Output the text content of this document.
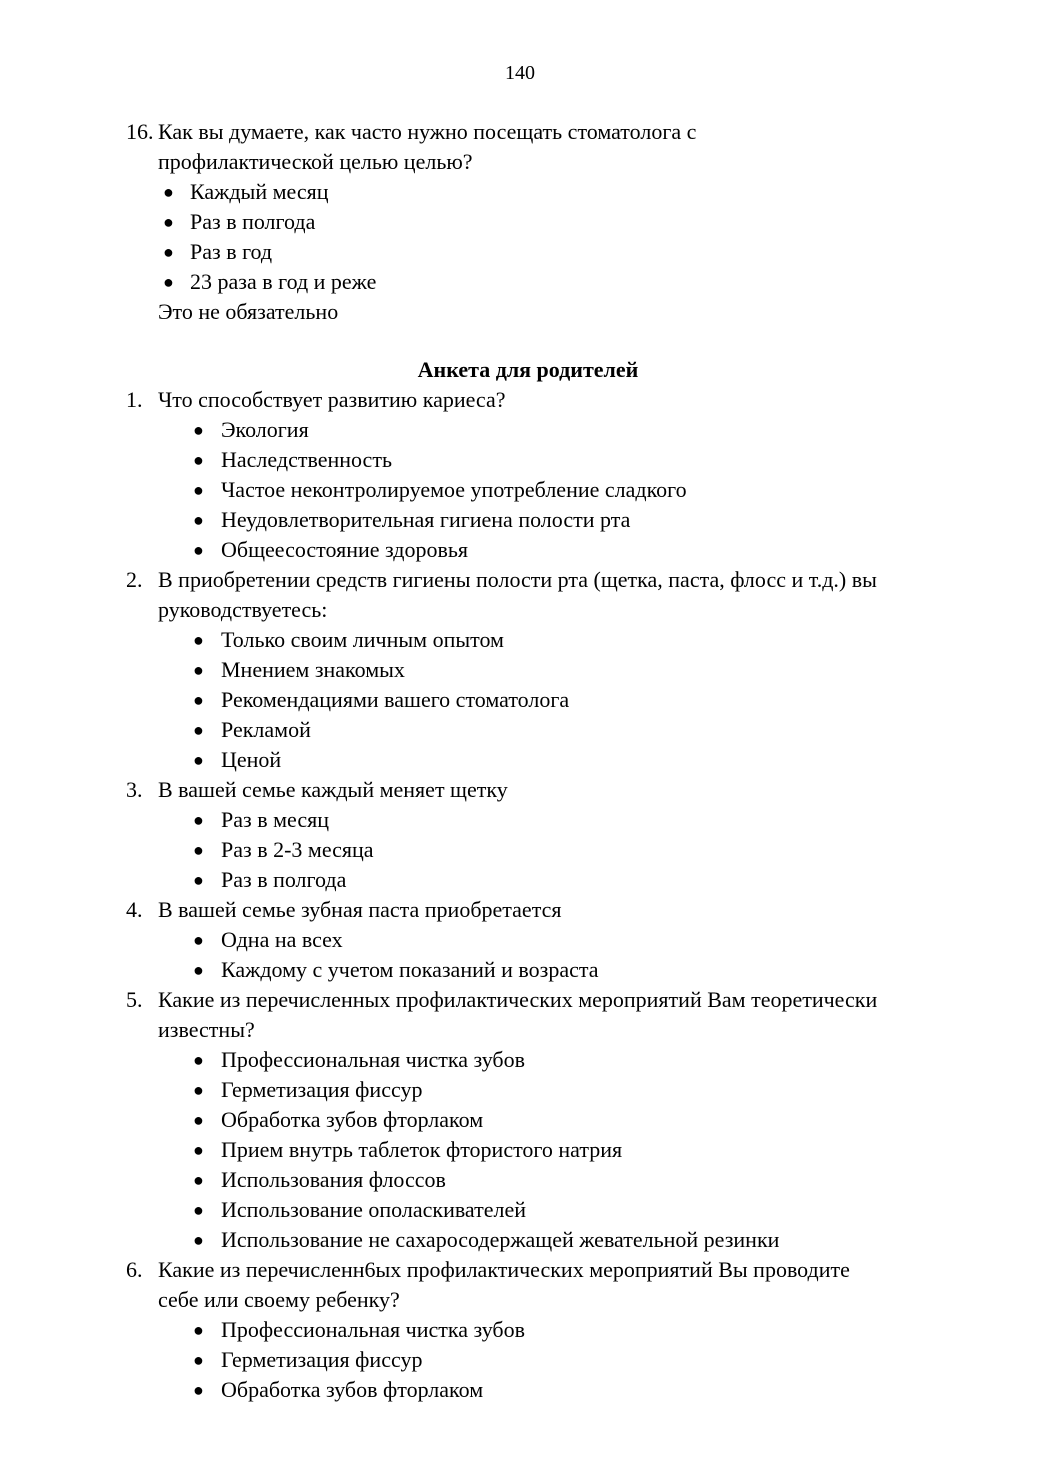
140
16. Как вы думаете, как часто нужно посещать стоматолога с
профилактической целью целью?
● Каждый месяц
● Раз в полгода
● Раз в год
● 23 раза в год и реже
Это не обязательно
Анкета для родителей
1. Что способствует развитию кариеса?
● Экология
● Наследственность
● Частое неконтролируемое употребление сладкого
● Неудовлетворительная гигиена полости рта
● Общеесостояние здоровья
2. В приобретении средств гигиены полости рта (щетка, паста, флосс и т.д.) вы
руководствуетесь:
● Только своим личным опытом
● Мнением знакомых
● Рекомендациями вашего стоматолога
● Рекламой
● Ценой
3. В вашей семье каждый меняет щетку
● Раз в месяц
● Раз в 2-3 месяца
● Раз в полгода
4. В вашей семье зубная паста приобретается
● Одна на всех
● Каждому с учетом показаний и возраста
5. Какие из перечисленных профилактических мероприятий Вам теоретически
известны?
● Профессиональная чистка зубов
● Герметизация фиссур
● Обработка зубов фторлаком
● Прием внутрь таблеток фтористого натрия
● Использования флоссов
● Использование ополаскивателей
● Использование не сахаросодержащей жевательной резинки
6. Какие из перечисленн6ых профилактических мероприятий Вы проводите
себе или своему ребенку?
● Профессиональная чистка зубов
● Герметизация фиссур
● Обработка зубов фторлаком
